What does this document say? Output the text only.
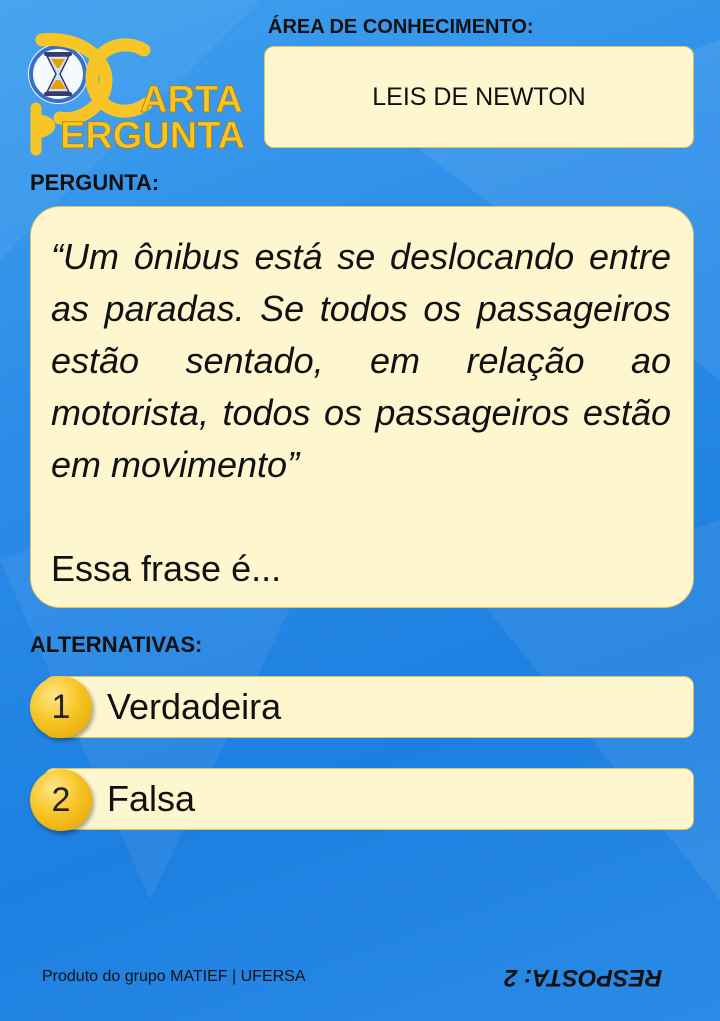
ARTA
ERGUNTA
ÁREA DE CONHECIMENTO:
LEIS DE NEWTON
PERGUNTA:

“Um ônibus está se deslocando entre as paradas. Se todos os passageiros estão sentado, em relação ao motorista, todos os passageiros estão em movimento”

Essa frase é...
ALTERNATIVAS:
Verdadeira
1
Falsa
2
Produto do grupo MATIEF | UFERSA	RESPOSTA: 2
